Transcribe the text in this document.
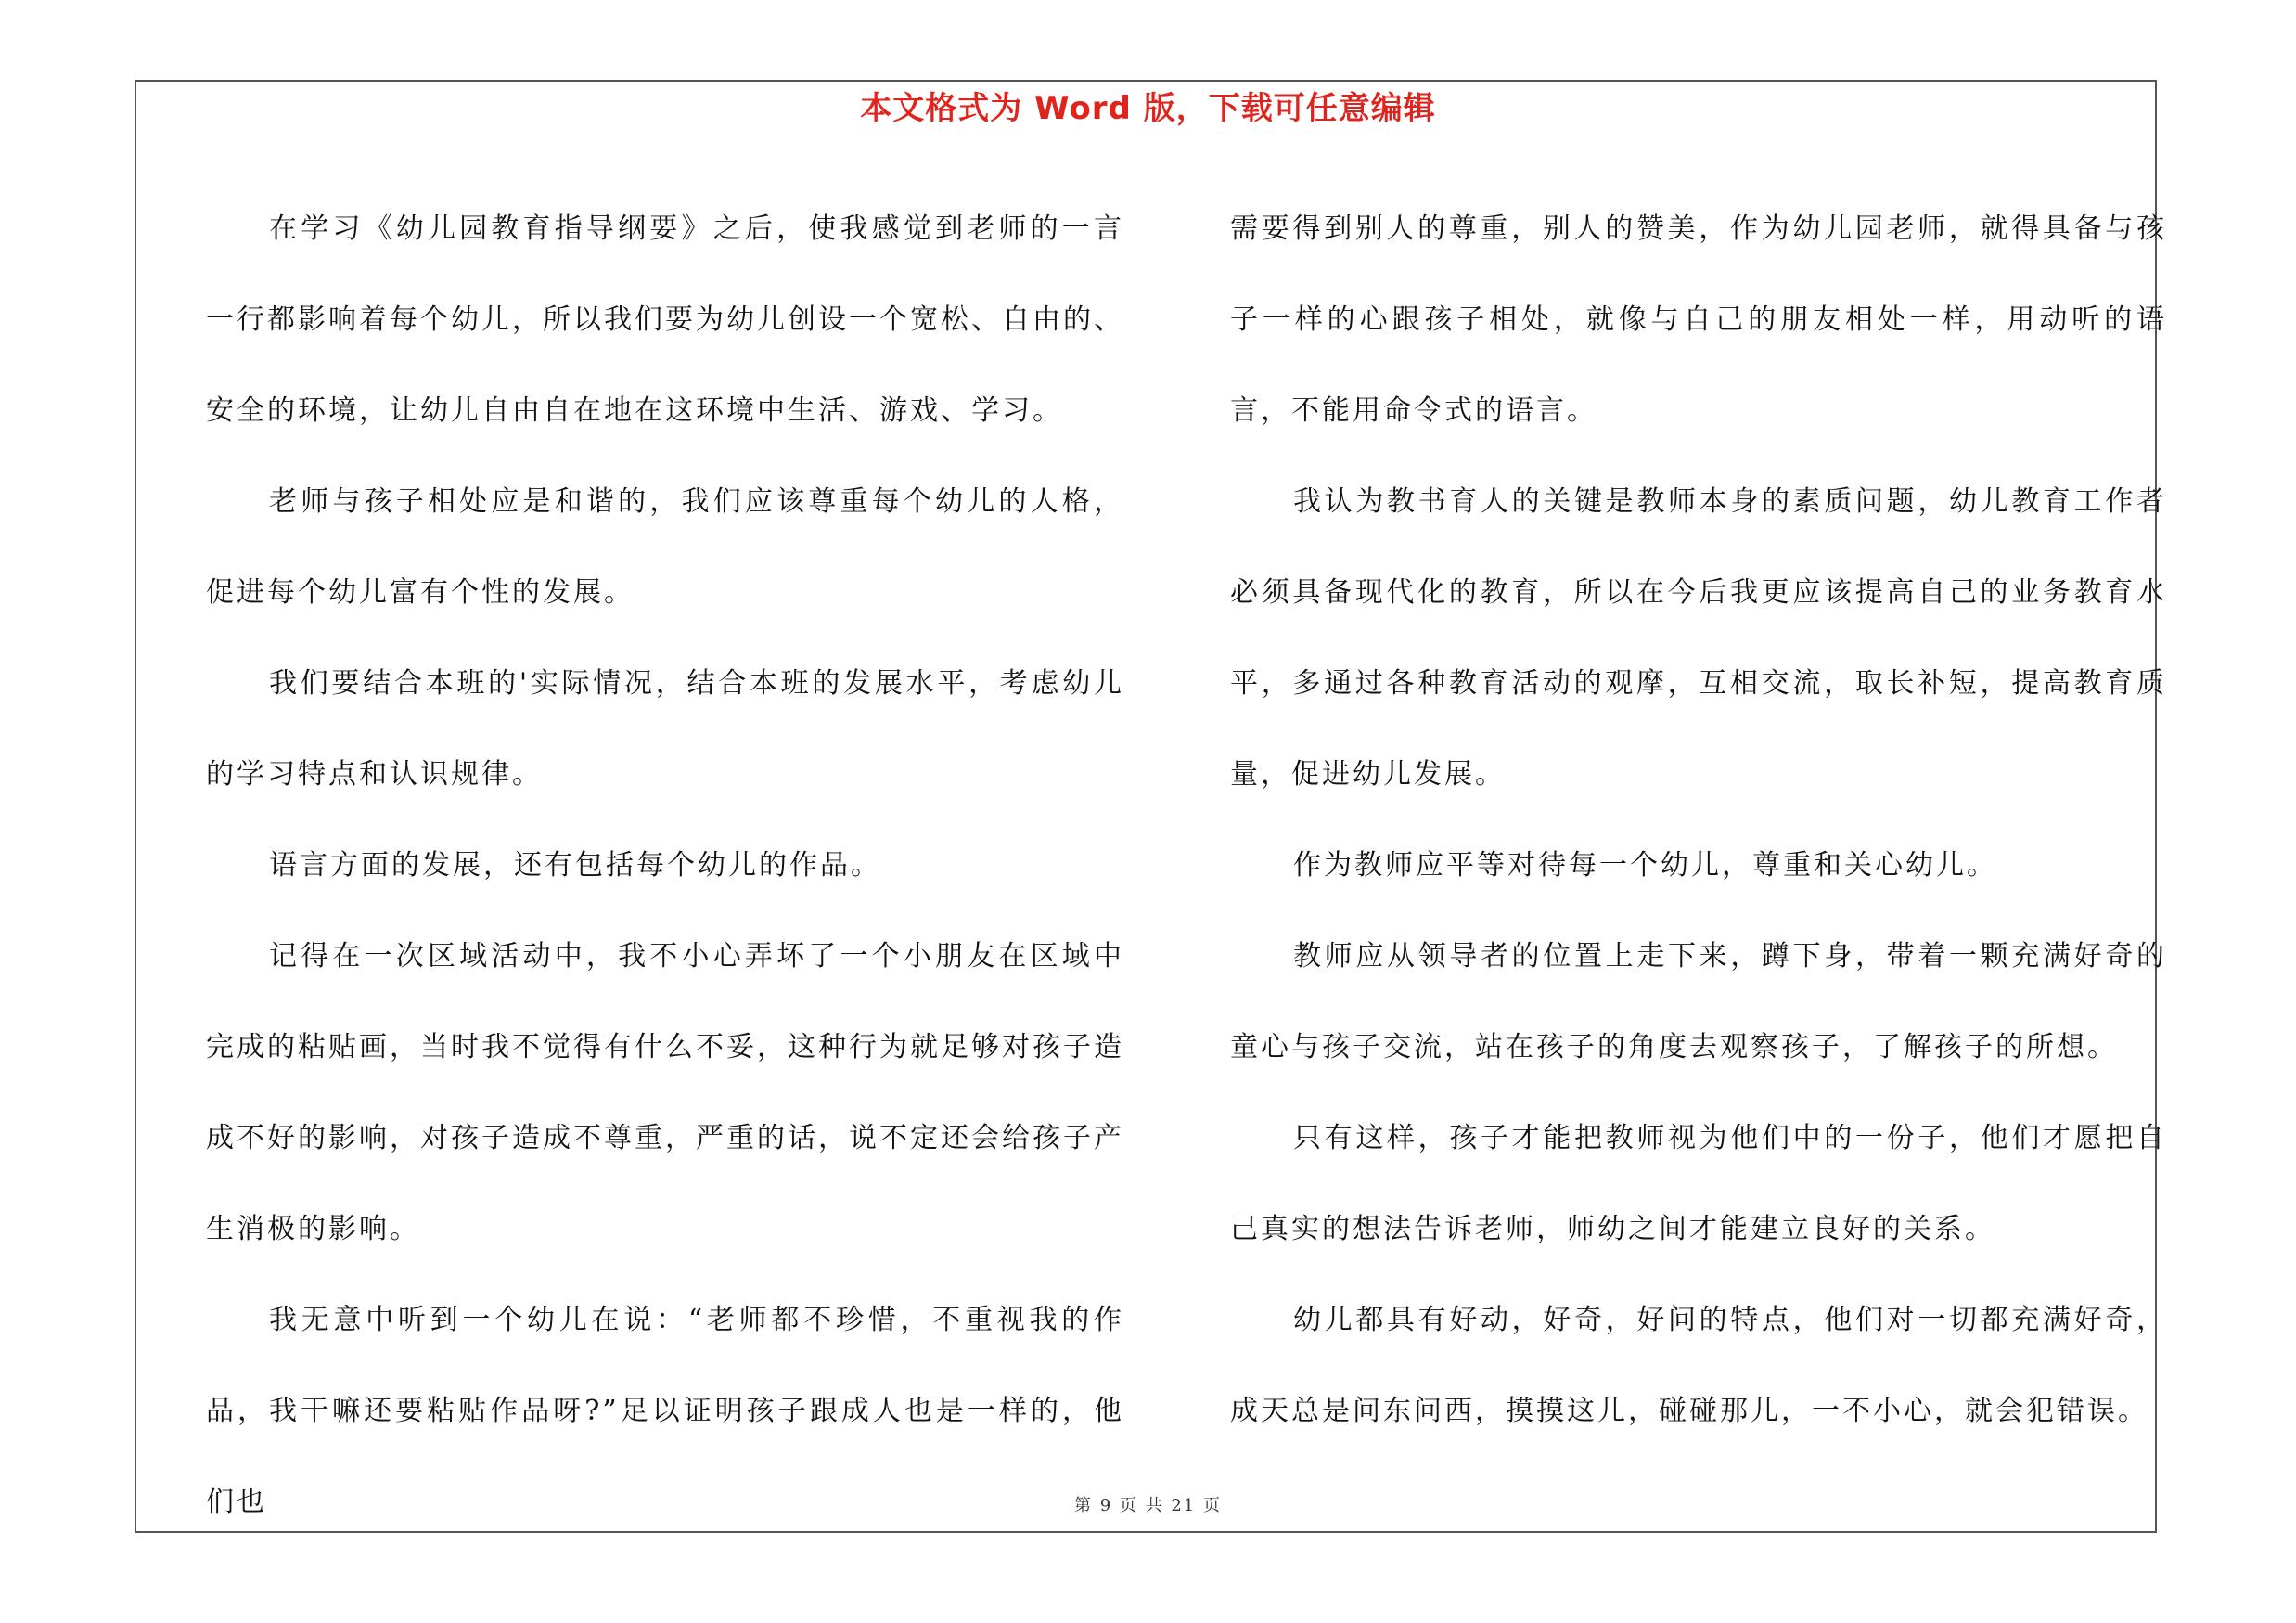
本文格式为 Word 版，下载可任意编辑

在学习《幼儿园教育指导纲要》之后，使我感觉到老师的一言一行都影响着每个幼儿，所以我们要为幼儿创设一个宽松、自由的、安全的环境，让幼儿自由自在地在这环境中生活、游戏、学习。

老师与孩子相处应是和谐的，我们应该尊重每个幼儿的人格，促进每个幼儿富有个性的发展。

我们要结合本班的'实际情况，结合本班的发展水平，考虑幼儿的学习特点和认识规律。

语言方面的发展，还有包括每个幼儿的作品。

记得在一次区域活动中，我不小心弄坏了一个小朋友在区域中完成的粘贴画，当时我不觉得有什么不妥，这种行为就足够对孩子造成不好的影响，对孩子造成不尊重，严重的话，说不定还会给孩子产生消极的影响。

我无意中听到一个幼儿在说：“老师都不珍惜，不重视我的作品，我干嘛还要粘贴作品呀?”足以证明孩子跟成人也是一样的，他们也

需要得到别人的尊重，别人的赞美，作为幼儿园老师，就得具备与孩子一样的心跟孩子相处，就像与自己的朋友相处一样，用动听的语言，不能用命令式的语言。

我认为教书育人的关键是教师本身的素质问题，幼儿教育工作者必须具备现代化的教育，所以在今后我更应该提高自己的业务教育水平，多通过各种教育活动的观摩，互相交流，取长补短，提高教育质量，促进幼儿发展。

作为教师应平等对待每一个幼儿，尊重和关心幼儿。

教师应从领导者的位置上走下来，蹲下身，带着一颗充满好奇的童心与孩子交流，站在孩子的角度去观察孩子，了解孩子的所想。

只有这样，孩子才能把教师视为他们中的一份子，他们才愿把自己真实的想法告诉老师，师幼之间才能建立良好的关系。

幼儿都具有好动，好奇，好问的特点，他们对一切都充满好奇，成天总是问东问西，摸摸这儿，碰碰那儿，一不小心，就会犯错误。

第 9 页 共 21 页
